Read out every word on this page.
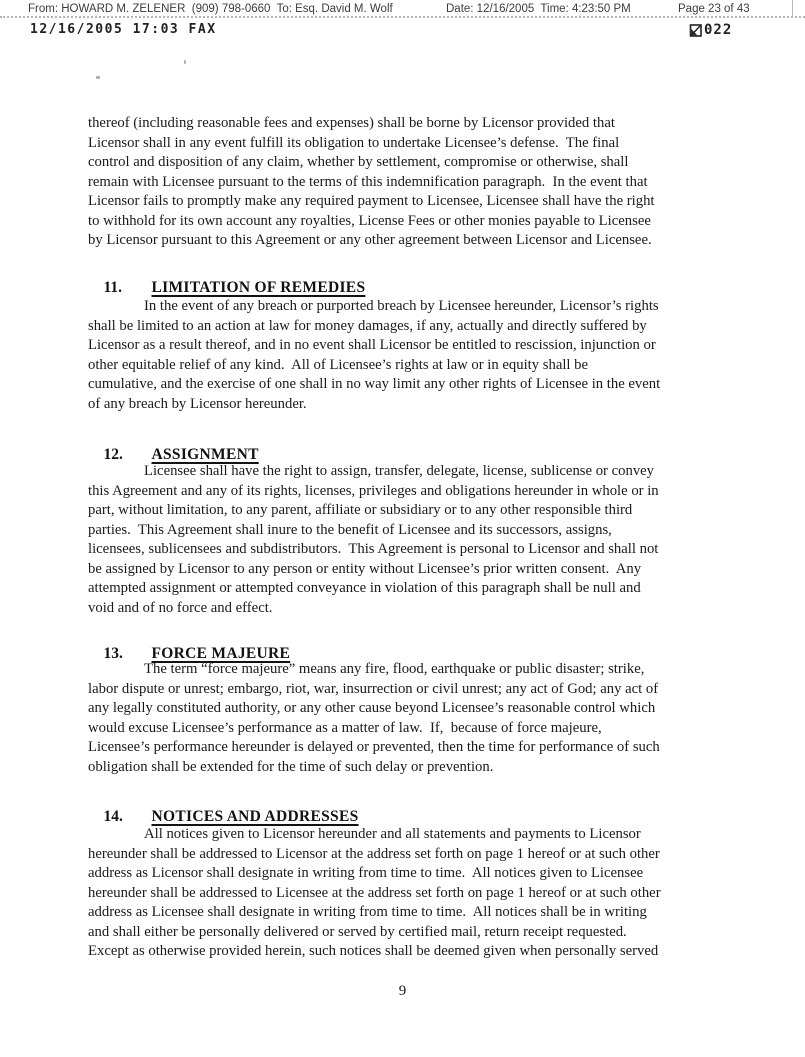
From: HOWARD M. ZELENER  (909) 798-0660  To: Esq. David M. Wolf	Date: 12/16/2005  Time: 4:23:50 PM	Page 23 of 43
12/16/2005 17:03 FAX	022
thereof (including reasonable fees and expenses) shall be borne by Licensor provided that
Licensor shall in any event fulfill its obligation to undertake Licensee’s defense.  The final
control and disposition of any claim, whether by settlement, compromise or otherwise, shall
remain with Licensee pursuant to the terms of this indemnification paragraph.  In the event that
Licensor fails to promptly make any required payment to Licensee, Licensee shall have the right
to withhold for its own account any royalties, License Fees or other monies payable to Licensee
by Licensor pursuant to this Agreement or any other agreement between Licensor and Licensee.

11. LIMITATION OF REMEDIES

In the event of any breach or purported breach by Licensee hereunder, Licensor’s rights
shall be limited to an action at law for money damages, if any, actually and directly suffered by
Licensor as a result thereof, and in no event shall Licensor be entitled to rescission, injunction or
other equitable relief of any kind.  All of Licensee’s rights at law or in equity shall be
cumulative, and the exercise of one shall in no way limit any other rights of Licensee in the event
of any breach by Licensor hereunder.

12. ASSIGNMENT

Licensee shall have the right to assign, transfer, delegate, license, sublicense or convey
this Agreement and any of its rights, licenses, privileges and obligations hereunder in whole or in
part, without limitation, to any parent, affiliate or subsidiary or to any other responsible third
parties.  This Agreement shall inure to the benefit of Licensee and its successors, assigns,
licensees, sublicensees and subdistributors.  This Agreement is personal to Licensor and shall not
be assigned by Licensor to any person or entity without Licensee’s prior written consent.  Any
attempted assignment or attempted conveyance in violation of this paragraph shall be null and
void and of no force and effect.

13. FORCE MAJEURE

The term “force majeure” means any fire, flood, earthquake or public disaster; strike,
labor dispute or unrest; embargo, riot, war, insurrection or civil unrest; any act of God; any act of
any legally constituted authority, or any other cause beyond Licensee’s reasonable control which
would excuse Licensee’s performance as a matter of law.  If,  because of force majeure,
Licensee’s performance hereunder is delayed or prevented, then the time for performance of such
obligation shall be extended for the time of such delay or prevention.

14. NOTICES AND ADDRESSES

All notices given to Licensor hereunder and all statements and payments to Licensor
hereunder shall be addressed to Licensor at the address set forth on page 1 hereof or at such other
address as Licensor shall designate in writing from time to time.  All notices given to Licensee
hereunder shall be addressed to Licensee at the address set forth on page 1 hereof or at such other
address as Licensee shall designate in writing from time to time.  All notices shall be in writing
and shall either be personally delivered or served by certified mail, return receipt requested.
Except as otherwise provided herein, such notices shall be deemed given when personally served
9
